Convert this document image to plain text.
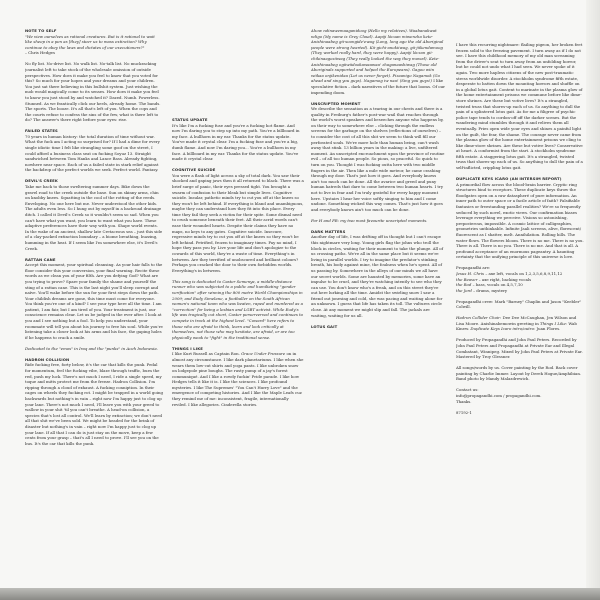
NOTE TO SELF
"We view ourselves as rational creatures. But is it rational to wait like sheep in a pen as [they] steer us to mass extinction? Why continue to obey the laws and dictates of our executioners?"

– Chris Hedges

No fly list. No-drive list. No walk list. No-talk list. No muckracking journalist left to take stock of the wholesale omission of outside perspectives. How does it make you feel to know that you voted for this? So much for your hopes and your dreams and your children. You just sat there believing in this bullshit system. Just wishing the mob would magically come to its senses. How does it make you feel to know you just stood by and watched it? Dazed. Numb. Powerless. Stunned. As we frantically click our heels, already home. The bands. The sports. The booze. It's all that's left of you. When the cops and the courts refuse to confess the sins of the few, what is there left to do? The answer's there right before your eyes: rise.

FAILED STATES

70 years in human history: the total duration of time without war. What the fuck am I acting so surprised for? If I had a dime for every single idiotic time I felt like strangling some goof on the street, I could afford a business class seat on fucking Soyuz 13. Straight sandwiched between Tom Hanks and Lance Bass. Already fighting, nowhere near space. Each of us a failed state in stark relief against the backdrop of the perfect worlds we seek. Perfect world. Fantasy.

DEVIL'S CREEK

Take me back to those sweltering summer days. Bike down the gravel road to the creek outside the base. Sun on skinny arms, chin on knobby knees. Squatting in the cool of the rotting of the reeds. Enveloping. No one here but me. Never understood the other kids. The adults even less. So I hung out by myself in a backroad drainage ditch. I called it Devil's Creek so it wouldn't seem so sad. When you can't have what you want, you learn to want what you have. These adaptive preferences have their way with you. Shape world events. In the wake of an ancient, shallow late Cretaceous sea – just this side of a clay-packed extinction boundary – a biome breathing, buzzing, humming in the heat. If I seem like I'm somewhere else, it's Devil's Creek.

RATTAN CANE

Accept this moment, your spiritual cleansing. As your hair falls to the floor consider this your conversion, your final warning. Recite these words as we clean you of your filth. Are you defying God? What are you trying to prove? Spare your family the shame and yourself the sting of a rattan cane. This is the last night you'll sleep corrupt and naïve. You'll wake before the sun for your first steps down the path. Your childish dreams are gone, this time must come for everyone. You think you're one of a kind? I see your type here all the time. I am patient, I am fair, but I am tired of you. Your treatment is just, our conscience remains clear. Let us be judged in the ever after. I look at you and I see nothing but a fool. To help you understand, your roommate will tell you about his journey to free his soul. While you're listening take a closer look at his arms and his face, the gaping holes if he happens to crack a smile.

Dedicated to the "emos" in Iraq and the "punks" in Aceh Indonesia.

HADRON COLLISION

Ride fucking free, forty below, it's the car that kills the punk. Pedal for momentum, feel the fucking vibe, blaze through traffic, burn the red, push my luck. There's not much I need, I ride a single speed, my toque and mitts protect me from the freeze. Hadron Collision. I'm ripping through a cloud of exhaust. A fucking conniption. In their cages on wheels they fucking rot. I might be trapped in a world going backwards but nothing's in vain – right now I'm happy just to clog up your lane. There's not much I need, I'll leave you with your greed to wallow in your shit 'til you can't breathe. A head-on collision, a species that's lost all control. We'll learn by extinction; we don't need all that shit we've been sold. We might be headed for the brink of disaster but nothing's in vain – right now I'm happy just to clog up your lane. If all that I can do is just stay on the move, keep a few cents from your grasp – that's all I need to prove. I'll see you on the bus. It's the car that kills the punk.

STATUS UPDATE

It's like I'm a fucking fuse and you're a fucking hot flame. And now I'm daring you to step up into my path. You're a billboard in my face. A bullhorn in my ear. Thanks for the status update. You've made it crystal clear. I'm a fucking fuse and you're a big, dumb flame. And now I'm daring you... You're a bullhorn in my face. A billboard in my ear. Thanks for the status update. You've made it crystal clear.

COGNITIVE SUICIDE

You were a flash of light across a sky of total dark. You saw their shocked and gaping jaws then it all returned to black. There was a brief surge of panic, their eyes pressed tight. You brought a swarm of confusion to their bleak but simple lives. Cognitive suicide. Insular, pathetic minds try to cut you off at the knees so they won't be left behind. If everything is bland and unambiguous, maybe they can understand how they fit into this place. Every time they fail they seek a victim for their spite. Some dismal need to crush someone beneath their feet. All their acrid words can't ease their wounded hearts. Despite their claims they have no maps, no keys to any gates. Cognitive suicide. Insecure, regressive minds try to cut you off at the knees so they won't be left behind. Petrified, frozen to imaginary times. Pay no mind, I hope they pass you by. Live your life and don't apologize to the cowards of this world, they're a waste of time. Everything's in between. Are they terrified of unobscured and brilliant colours? Perhaps you cracked the door to their own forbidden worlds. Everything's in between.

This song is dedicated to Caster Semenya, a middle-distance runner who was subjected to a public and humiliating "gender verification" after winning the 800 metre World Championships in 2009; and Eudy Simelane, a footballer on the South African women's national team who was beaten, raped and murdered as a "correction" for being a lesbian and LGBT activist. While Eudy's life was tragically cut short, Caster perserverved and continues to compete in track at the highest level. "Coward" here refers to those who are afraid to think, learn and look critically at themselves, not those who may hesitate, are afraid, or are too physically weak to "fight" in the traditional sense.

THINGS I LIKE

I like Kurt Russell as Captain Ron. Grace Under Pressure on in almost any circumstance. I like dark planetariums. I like when she wears them low-cut shirts and yoga pants. I like unbroken snow on lodgepole pine boughs. The rusty pump of a jay's forest communiqué. And I like a rowdy fuckin' Pride parade. I like how Hedges tells it like it is. I like the sciences. I like profound mysteries. I like The Supremes' "You Can't Hurry Love" and the emergence of competing histories. And I like the Maple Leafs cuz they remind me of me: inconsistent, fragile, internationally reviled. I like allegories. Cinderella stories.

Ahow ndinawemaaganidoog (Hello my relatives). Waabanakwat ndigo (My name is Grey Cloud). Aapiji lòcuan miwenzha kete-Anishinaabeg gii-soongide'ewag (Long, long ago the old Aboriginal people were strong hearted). Kii-gichi-anokiiwag, gii-jiikendamoog (They worked really hard, they were happy). Aapiji lòczan gii-chikinaagoziiwag (They really looked the way they moved). Kete-Anishinaabeg ogiiwiidookawaawaa' zhaganaashiwag (Those old Aboriginals supported and helped the Europeans). Gagoo wiin wiikaa onjikenidaa (Let us never forget). Pizaanigo Nagamok (Go ahead and sing you guys). Nagamog iw naa! (Sing you guys!) I like speculative fiction – dark narratives of the future that looms. Of our impending doom.

UNSCRIPTED MOMENT

We describe the sensation as a tearing in our chests and there is a quality in Freiburg's father's post-war wail that reaches through the world's worst speakers and beseeches anyone who happens by, on their way to somewhere else – clicking through the endless screens for the garbage on the shelves (reflections of ourselves) – to consider the cost of all this shit we seem to think will fill our perforated souls. We're more hole than human being, can't wash away that stink. 13 billion years in the making: a live, unfiltered moment. An unscripted encroachment upon the province of routine evil – of all too human people. So pious, so peaceful. So quick to turn on you. Thought I was fucking outta here with two middle fingers in the air. Then like a mile wide meteor, he came crashing through my door. That's just how it goes. And everybody knows ain't too much can be done. All the avarice and greed and puny human hatreds that dare to come between two human hearts. I try not to live in fear and I'm truly grateful for every happy moment here. Upstairs I hear her voice softly singing to him and I come undone. Something wicked this way comes. That's just how it goes and everybody knows ain't too much can be done.

For H and FR: my two most favourite unscripted moments.

DARK MATTERS

Another day of life, I was drifting off in thought but I can't escape this nightmare very long. Young girls flag the johns who troll the block in circles, waiting for their moment to take the plunge. All of us crossing paths. We're all in the same place but it seems we're living in parallel worlds. I try to imagine the predator's stinking breath, his body against mine, the foulness when he's spent. All of us passing by. Somewhere in the alleys of our minds we all have our secret worlds. Some are haunted by memories, some have an impulse to be cruel, and they're watching intently to see who they can use. You don't know who's a freak, and on this street they're out here lurking all the time. Amidst the swirling snow I saw a friend out jonesing and cold, she was pacing and waiting alone for an unknown. I guess that life has taken its toll. The vultures circle close. At any moment we might slip and fall. The jackals are waiting, waiting for us all.

LOTUS GAIT

I have this recurring nightmare: flailing pigeon, her broken feet frozen solid to the freezing pavement. I turn away as if I do not see. I have this childhood memory of my old man screaming from the driver's seat to turn away from an unfolding horror, but he could not undo what I had seen. We never spoke of it again. Two more hapless citizens of the new post-traumatic stress worldwide disorder. A stockholm syndrome fifth estate, desperate to batten down the mounting horrors and shuffle on in a global lotus gait. Content to marinate in the plasma glow of the home entertainment prisons we commune before like dime-store shrines. Are these but votive lives? It's a strangled, twisted truss that shores-up each of us. So anything to dull the pain of a splintered lotus gait. As for me a filigree of psychic police tape tends to cordon-off off the darker scenes. But the wandering mind stumbles through it and relives them all eventually. Pries open wide your eyes and shines a painful light on the guilt, the fear, the shame. The courage never came from the plasma glow of the home entertainment prisons we cling to like dime-store shrines. Are these but votive lives? Conservative at heart. A conformist from the start. A stockholm syndrome fifth estate. A staggering lotus gait. It's a strangled, twisted truss that shores-up each of us. So anything to dull the pain of a self-inflicted, crippling lotus gait.

DUPLICATE KEYS ICARO (AN INTERSIM REPORT)

A primordial flow across the blood-brain barrier. Cryptic ring structures bind to receptors. These duplicate keys throw the floodgates open on a raw dataspheré of pure information. An inner path to outer space or a facile article of faith? Falsifiable fantasies or freestanding parallel realities? We're so frequently seduced by such novel, exotic views. Our confirmation biases leverage everything we perceive. Visions so astonishing, preposterous, impossible. A cosmic lattice of calligraphies, geometries unthinkable. Infinite Jaali screens, alive, florescent/ fluorescent as I shatter, melt. Annihilation. Rolling hills. The water flows. The flowers bloom. There is no me. There is no you. There is all. There is no you. There is no me. And that is all. A profound acceptance of an enormous pageantry. A haunting certainty that the unifying principle of this universe is love.

Propagandhi are:
Jesus H. Chris – axe left, vocals on 1,2,3,5,6,8,9,11,12
the Beaver – axe right, backing vocals
the Rod – bass, vocals on 4,5,7,10

the Jord – drums, mystery

Propagandhi crew: Mark "Barney" Chaplin and Jason "Keebler" Colwill.

Hadron Collider Choir: Dee Dee McCaughan, Jen Wilson and Lisa Moore. Anishinabemowin greeting in Things I Like: Wab Kinew. Duplicate Keys Icaro intro/outro: Juan Flores.

Produced by Propagandhi and John Paul Peters. Recorded by John Paul Peters and Propagandhi at Private Ear and Illegal Combatant, Winnipeg. Mixed by John Paul Peters at Private Ear. Mastered by Troy Glessner.

All songs/words by us. Cover painting by the Rod. Back cover painting by Charlie Immer. Layout by Derek Hogue/Amphibian. Band photo by Mandy Malazdrewich.

Contact us:
info@propagandhi.com / propagandhi.com.

Thanks.

87192-1
